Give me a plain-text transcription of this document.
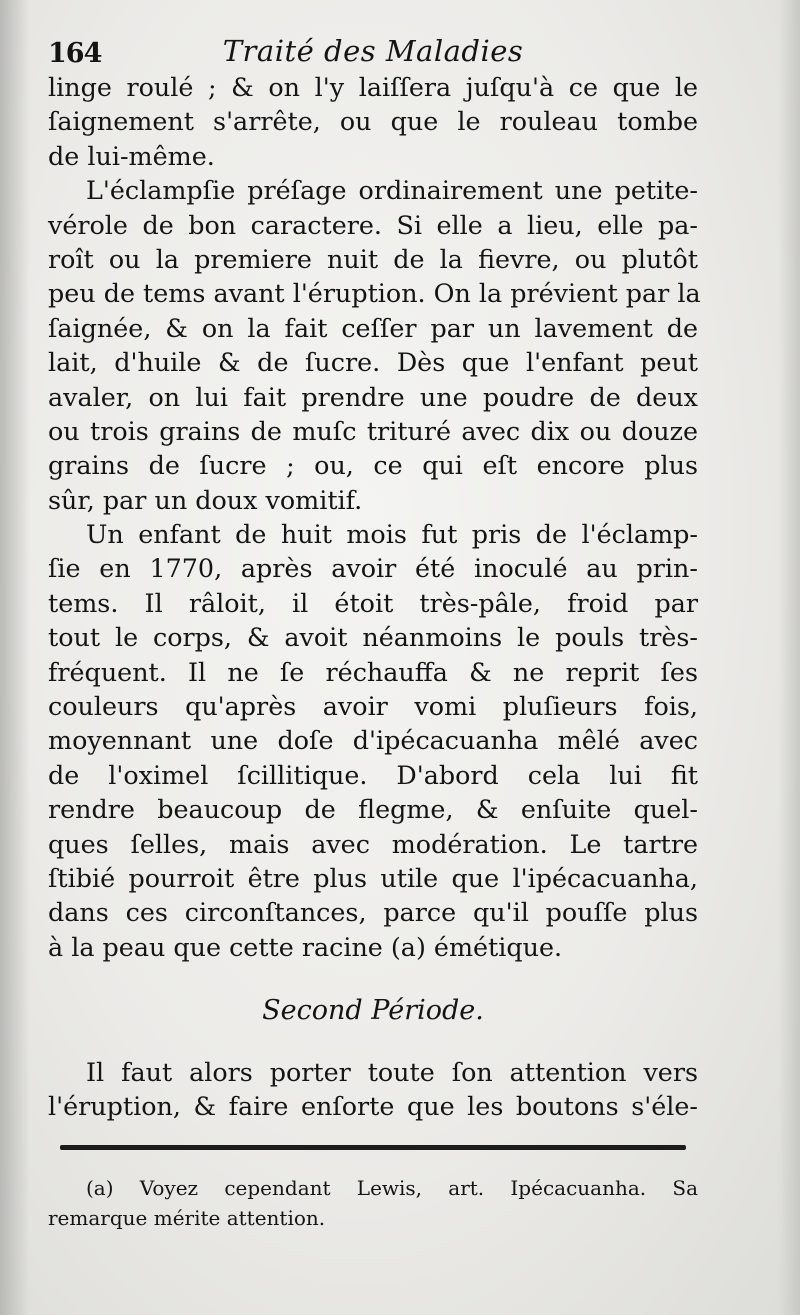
164	Traité des Maladies
linge roulé ; & on l'y laiſſera juſqu'à ce que le
ſaignement s'arrête, ou que le rouleau tombe
de lui-même.
L'éclampſie préſage ordinairement une petite-
vérole de bon caractere. Si elle a lieu, elle pa-
roît ou la premiere nuit de la fievre, ou plutôt
peu de tems avant l'éruption. On la prévient par la
ſaignée, & on la fait ceſſer par un lavement de
lait, d'huile & de ſucre. Dès que l'enfant peut
avaler, on lui fait prendre une poudre de deux
ou trois grains de muſc trituré avec dix ou douze
grains de ſucre ; ou, ce qui eſt encore plus
sûr, par un doux vomitif.
Un enfant de huit mois fut pris de l'éclamp-
ſie en 1770, après avoir été inoculé au prin-
tems. Il râloit, il étoit très-pâle, froid par
tout le corps, & avoit néanmoins le pouls très-
fréquent. Il ne ſe réchauffa & ne reprit ſes
couleurs qu'après avoir vomi pluſieurs fois,
moyennant une doſe d'ipécacuanha mêlé avec
de l'oximel ſcillitique. D'abord cela lui fit
rendre beaucoup de flegme, & enſuite quel-
ques ſelles, mais avec modération. Le tartre
ſtibié pourroit être plus utile que l'ipécacuanha,
dans ces circonſtances, parce qu'il pouſſe plus
à la peau que cette racine (a) émétique.
Second Période.
Il faut alors porter toute ſon attention vers
l'éruption, & faire enſorte que les boutons s'éle-
(a) Voyez cependant Lewis, art. Ipécacuanha. Sa
remarque mérite attention.
